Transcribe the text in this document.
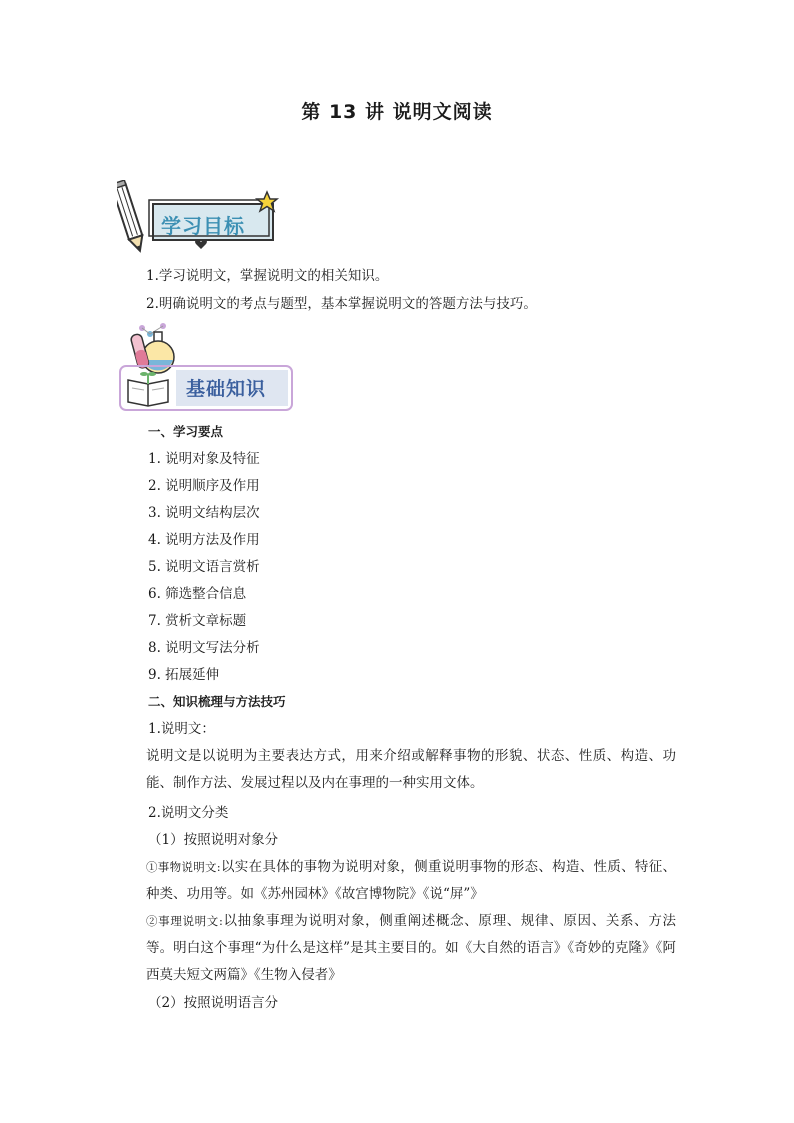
第 13 讲 说明文阅读
学习目标
1.学习说明文，掌握说明文的相关知识。
2.明确说明文的考点与题型，基本掌握说明文的答题方法与技巧。
基础知识
一、学习要点
1. 说明对象及特征
2. 说明顺序及作用
3. 说明文结构层次
4. 说明方法及作用
5. 说明文语言赏析
6. 筛选整合信息
7. 赏析文章标题
8. 说明文写法分析
9. 拓展延伸
二、知识梳理与方法技巧
1.说明文：
说明文是以说明为主要表达方式，用来介绍或解释事物的形貌、状态、性质、构造、功能、制作方法、发展过程以及内在事理的一种实用文体。
2.说明文分类
（1）按照说明对象分
①事物说明文:以实在具体的事物为说明对象，侧重说明事物的形态、构造、性质、特征、种类、功用等。如《苏州园林》《故宫博物院》《说“屏”》
②事理说明文:以抽象事理为说明对象，侧重阐述概念、原理、规律、原因、关系、方法等。明白这个事理“为什么是这样”是其主要目的。如《大自然的语言》《奇妙的克隆》《阿西莫夫短文两篇》《生物入侵者》
（2）按照说明语言分
